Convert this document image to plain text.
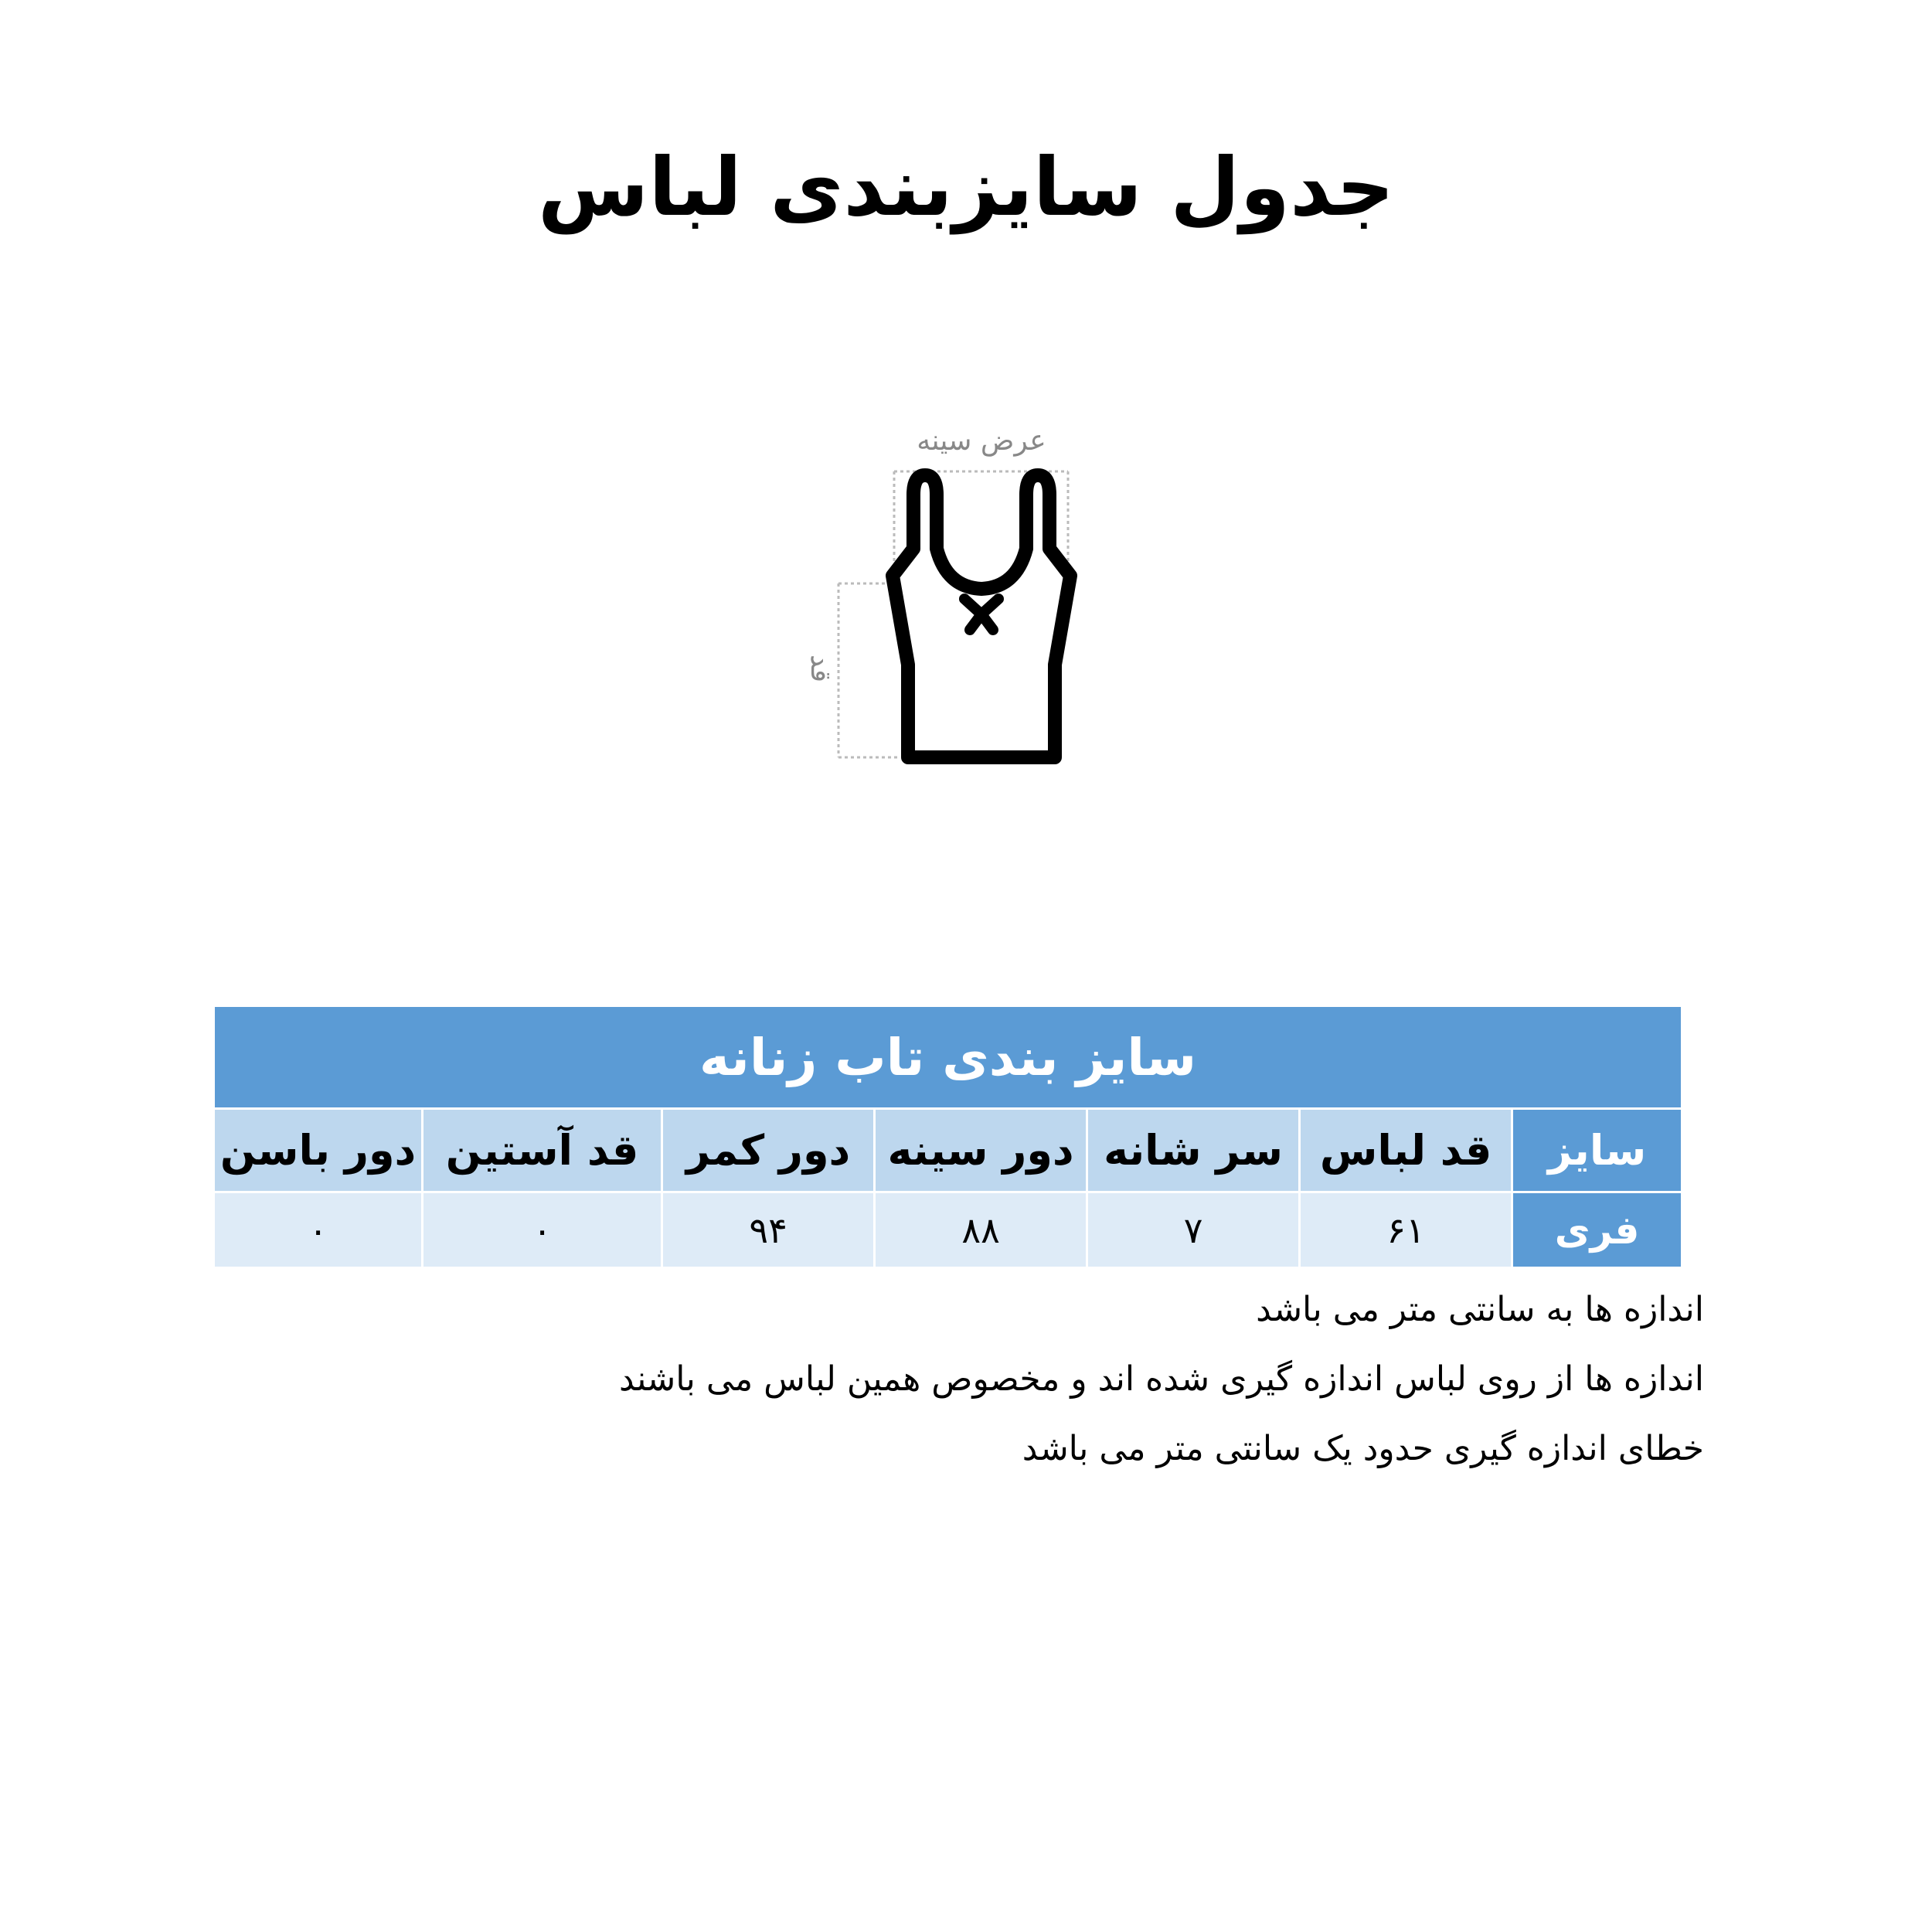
جدول سایزبندی لباس
عرض سینه
قد
سایز بندی تاب زنانه						
سایز	قد لباس	سر شانه	دور سینه	دور کمر	قد آستین	دور باسن
فری	۶۱	۷	۸۸	۹۴	۰	۰
اندازه ها به سانتی متر می باشد
اندازه ها از روی لباس اندازه گیری شده اند و مخصوص همین لباس می باشند
خطای اندازه گیری حدود یک سانتی متر می باشد
